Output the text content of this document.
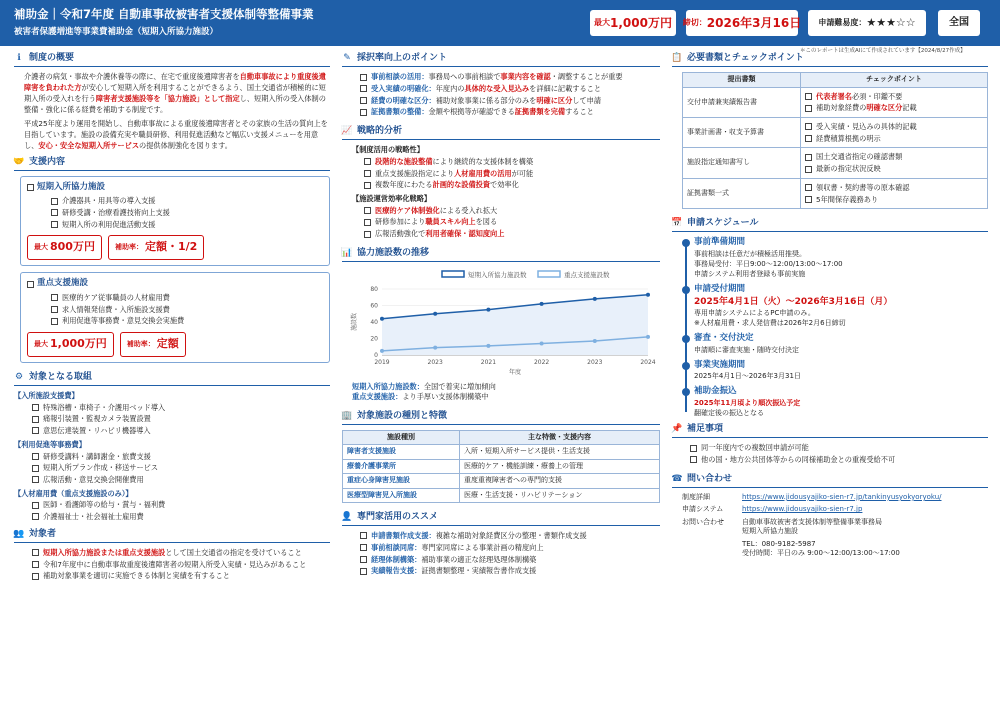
補助金｜令和7年度 自動車事故被害者支援体制等整備事業
被害者保護増進等事業費補助金（短期入所協力施設）
最大 1,000万円 締切： 2026年3月16日 申請難易度： ★★★☆☆	全国
＊このレポートは生成AIにて作成されています【2024/8/27作成】
ℹ 制度の概要
介護者の病気・事故や介護休養等の際に、在宅で重度後遺障害者を自動車事故により重度後遺障害を負われた方が安心して短期入所を利用することができるよう、国土交通省が積極的に短期入所の受入れを行う障害者支援施設等を「協力施設」として指定し、短期入所の受入体制の整備・強化に係る経費を補助する制度です。
平成25年度より運用を開始し、自動車事故による重度後遺障害者とその家族の生活の質向上を目指しています。施設の設備充実や職員研修、利用促進活動など幅広い支援メニューを用意し、安心・安全な短期入所サービスの提供体制強化を図ります。
🤝 支援内容
短期入所協力施設
介護器具・用具等の導入支援
研修受講・治療看護技術向上支援
短期入所の利用促進活動支援
最大 800万円	補助率： 定額・1/2
重点支援施設
医療的ケア従事職員の人材雇用費
求人情報発信費・入所施設支援費
利用促進等事務費・意見交換会実施費
最大 1,000万円	補助率： 定額
⚙ 対象となる取組
【入所施設支援費】
特殊浴槽・車椅子・介護用ベッド導入
痛報引装置・監視カメラ装置設置
意思伝達装置・リハビリ機器導入
【利用促進等事務費】
研修受講料・講師謝金・旅費支援
短期入所プラン作成・移送サービス
広報活動・意見交換会開催費用
【人材雇用費（重点支援施設のみ）】
医師・看護師等の給与・賞与・福利費
介護福祉士・社会福祉士雇用費
👥 対象者
短期入所協力施設または重点支援施設として国土交通省の指定を受けていること
令和7年度中に自動車事故重度後遺障害者の短期入所受入実績・見込みがあること
補助対象事業を適切に実施できる体制と実績を有すること
✎ 採択率向上のポイント
事前相談の活用：事務局への事前相談で事業内容を確認・調整することが重要
受入実績の明確化：年度内の具体的な受入見込みを詳細に記載すること
経費の明確な区分：補助対象事業に係る部分のみを明確に区分して申請
証拠書類の整備：金額や根拠等が確認できる証拠書類を完備すること
📈 戦略的分析
【制度活用の戦略性】
段階的な施設整備により継続的な支援体制を構築
重点支援施設指定により人材雇用費の活用が可能
複数年度にわたる計画的な設備投資で効率化
【施設運営効率化戦略】
医療的ケア体制強化による受入れ拡大
研修参加により職員スキル向上を図る
広報活動強化で利用者確保・認知度向上
📊 協力施設数の推移
短期入所協力施設数	重点支援施設数
0
20
40
60
80
2019	2023	2021	2022	2023	2024
年度
施設数
短期入所協力施設数：全国で着実に増加傾向
重点支援施設：より手厚い支援体制構築中
🏢 対象施設の種別と特徴
施設種別	主な特徴・支援内容
障害者支援施設	入所・短期入所サービス提供・生活支援
療養介護事業所	医療的ケア・機能訓練・療養上の管理
重症心身障害児施設	重度重複障害者への専門的支援
医療型障害児入所施設	医療・生活支援・リハビリテーション
👤 専門家活用のススメ
申請書類作成支援：複雑な補助対象経費区分の整理・書類作成支援
事前相談同席：専門家同席による事業計画の精度向上
経理体制構築：補助事業の適正な経理処理体制構築
実績報告支援：証拠書類整理・実績報告書作成支援
📋 必要書類とチェックポイント
提出書類	チェックポイント
交付申請兼実績報告書	代表者署名必須・印鑑不要
補助対象経費の明確な区分記載

事業計画書・収支予算書	受入実績・見込みの具体的記載
経費積算根拠の明示

施設指定通知書写し	国土交通省指定の確認書類
最新の指定状況反映

証拠書類一式	領収書・契約書等の原本確認
5年間保存義務あり
📅 申請スケジュール
事前準備期間
事前相談は任意だが積極活用推奨。
事務局受付：平日9:00～12:00/13:00～17:00
申請システム利用者登録も事前実施
申請受付期間
2025年4月1日（火）～2026年3月16日（月）
専用申請システムによるPC申請のみ。
※人材雇用費・求人発信費は2026年2月6日締切
審査・交付決定
申請順に審査実施・随時交付決定
事業実施期間
2025年4月1日～2026年3月31日
補助金振込
2025年11月頃より順次振込予定
翻確定後の振込となる
📌 補足事項
同一年度内での複数回申請が可能
他の国・地方公共団体等からの同様補助金との重複受給不可
☎ 問い合わせ
制度詳細	https://www.jidousyajiko-sien-r7.jp/tankinyusyokyoryoku/
申請システム	https://www.jidousyajiko-sien-r7.jp
お問い合わせ	自動車事故被害者支援体制等整備事業事務局
短期入所協力施設
TEL：080-9182-5987
受付時間：平日のみ 9:00～12:00/13:00～17:00
